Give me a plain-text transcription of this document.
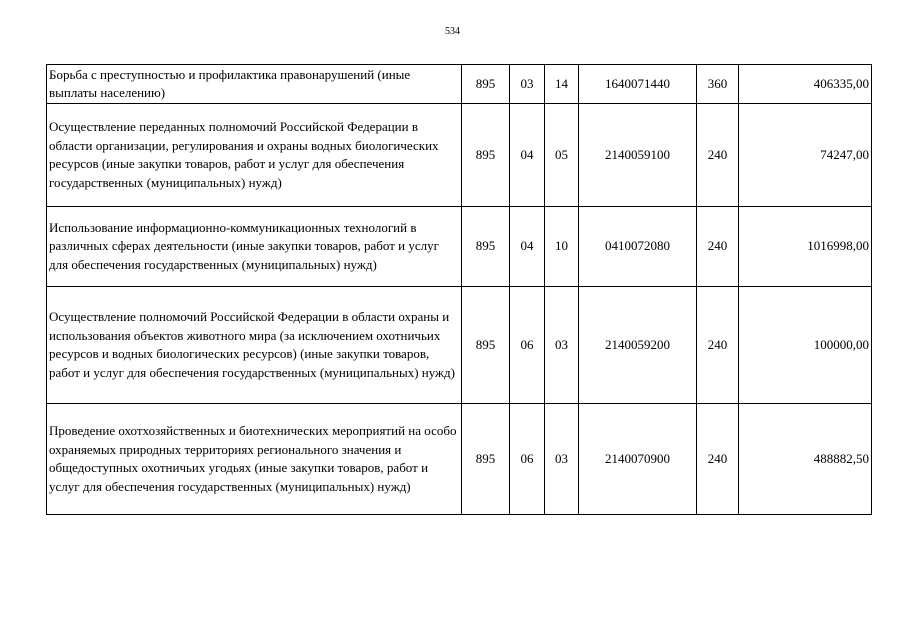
534
Борьба с преступностью и профилактика правонарушений (иные выплаты населению)	895	03	14	1640071440	360	406335,00
Осуществление переданных полномочий Российской Федерации в области организации, регулирования и охраны водных биологических ресурсов (иные закупки товаров, работ и услуг для обеспечения государственных (муниципальных) нужд)	895	04	05	2140059100	240	74247,00
Использование информационно-коммуникационных технологий в различных сферах деятельности (иные закупки товаров, работ и услуг для обеспечения государственных (муниципальных) нужд)	895	04	10	0410072080	240	1016998,00
Осуществление полномочий Российской Федерации в области охраны и использования объектов животного мира (за исключением охотничьих ресурсов и водных биологических ресурсов) (иные закупки товаров, работ и услуг для обеспечения государственных (муниципальных) нужд)	895	06	03	2140059200	240	100000,00
Проведение охотхозяйственных и биотехнических мероприятий на особо охраняемых природных территориях регионального значения и общедоступных охотничьих угодьях (иные закупки товаров, работ и услуг для обеспечения государственных (муниципальных) нужд)	895	06	03	2140070900	240	488882,50
